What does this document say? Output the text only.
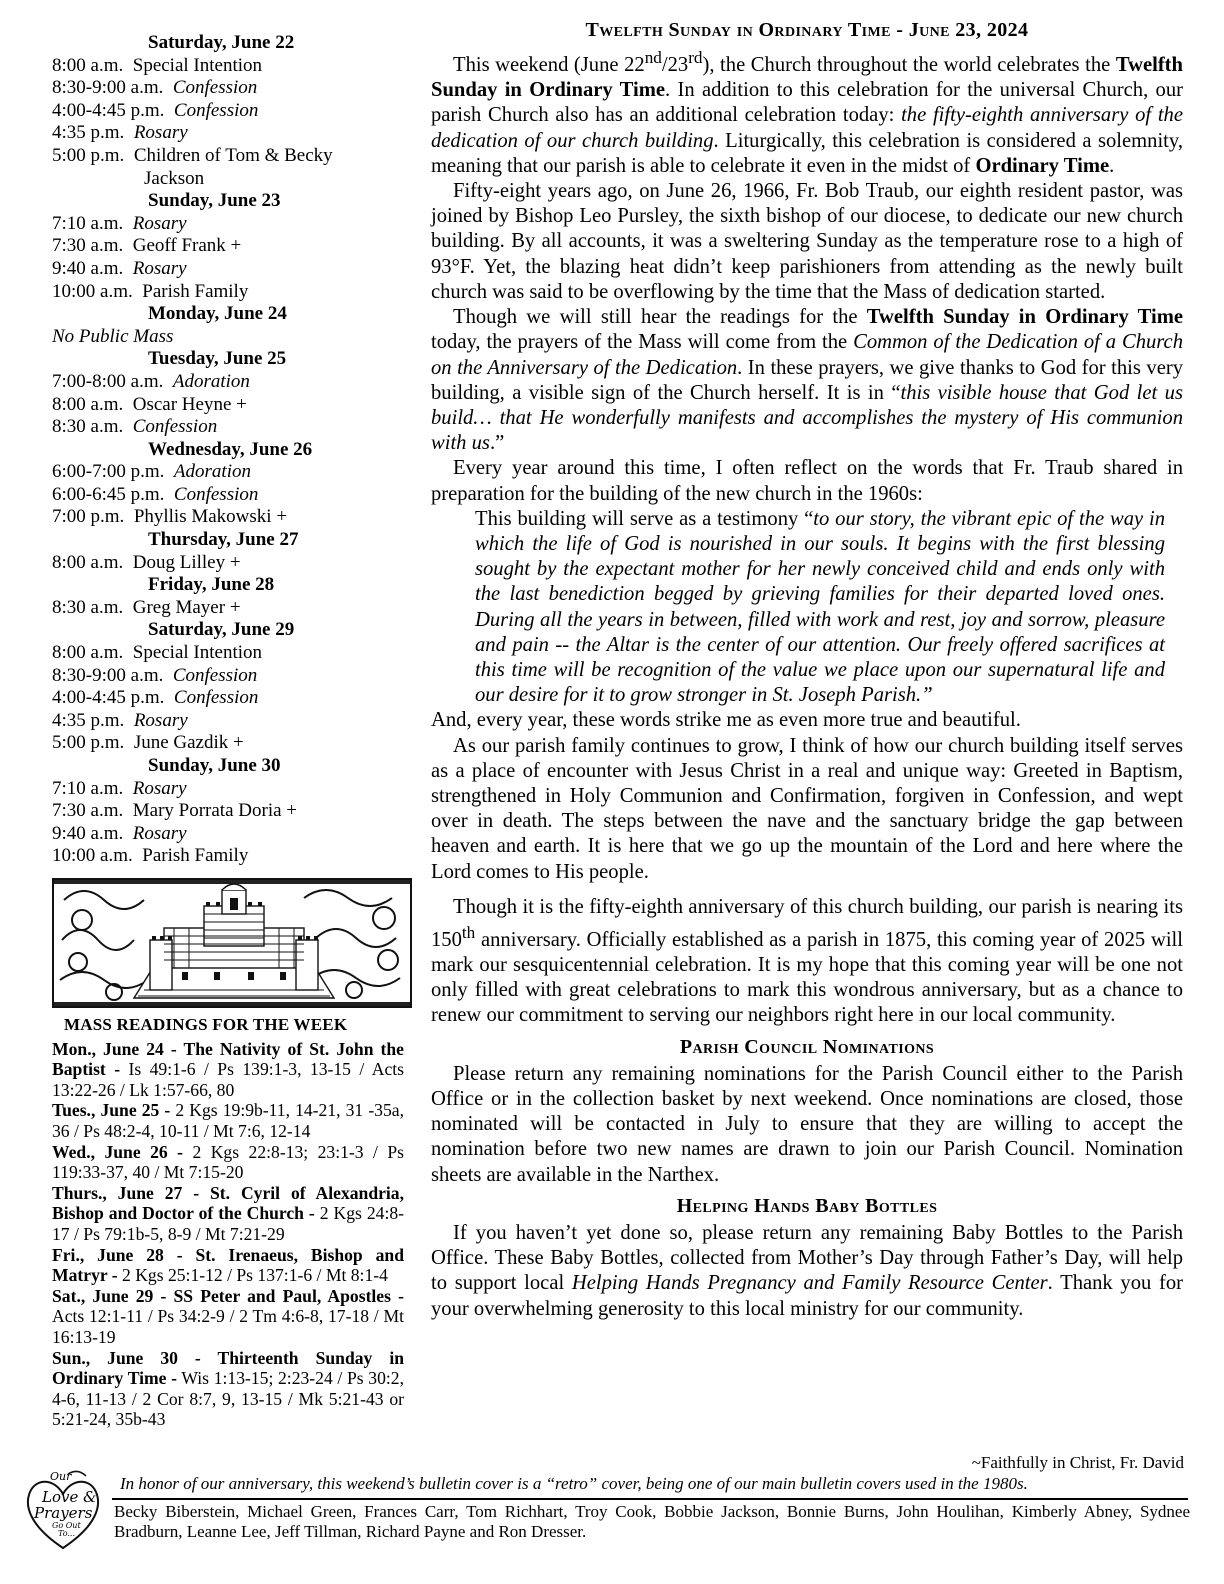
Saturday, June 22
8:00 a.m. Special Intention
8:30-9:00 a.m. Confession
4:00-4:45 p.m. Confession
4:35 p.m. Rosary
5:00 p.m. Children of Tom & Becky
Jackson
Sunday, June 23
7:10 a.m. Rosary
7:30 a.m. Geoff Frank +
9:40 a.m. Rosary
10:00 a.m. Parish Family
Monday, June 24
No Public Mass
Tuesday, June 25
7:00-8:00 a.m. Adoration
8:00 a.m. Oscar Heyne +
8:30 a.m. Confession
Wednesday, June 26
6:00-7:00 p.m. Adoration
6:00-6:45 p.m. Confession
7:00 p.m. Phyllis Makowski +
Thursday, June 27
8:00 a.m. Doug Lilley +
Friday, June 28
8:30 a.m. Greg Mayer +
Saturday, June 29
8:00 a.m. Special Intention
8:30-9:00 a.m. Confession
4:00-4:45 p.m. Confession
4:35 p.m. Rosary
5:00 p.m. June Gazdik +
Sunday, June 30
7:10 a.m. Rosary
7:30 a.m. Mary Porrata Doria +
9:40 a.m. Rosary
10:00 a.m. Parish Family
MASS READINGS FOR THE WEEK

Mon., June 24 - The Nativity of St. John the Baptist - Is 49:1-6 / Ps 139:1-3, 13-15 / Acts 13:22-26 / Lk 1:57-66, 80

Tues., June 25 - 2 Kgs 19:9b-11, 14-21, 31 -35a, 36 / Ps 48:2-4, 10-11 / Mt 7:6, 12-14

Wed., June 26 - 2 Kgs 22:8-13; 23:1-3 / Ps 119:33-37, 40 / Mt 7:15-20

Thurs., June 27 - St. Cyril of Alexandria, Bishop and Doctor of the Church - 2 Kgs 24:8-17 / Ps 79:1b-5, 8-9 / Mt 7:21-29

Fri., June 28 - St. Irenaeus, Bishop and Matryr - 2 Kgs 25:1-12 / Ps 137:1-6 / Mt 8:1-4

Sat., June 29 - SS Peter and Paul, Apostles - Acts 12:1-11 / Ps 34:2-9 / 2 Tm 4:6-8, 17-18 / Mt 16:13-19

Sun., June 30 - Thirteenth Sunday in Ordinary Time - Wis 1:13-15; 2:23-24 / Ps 30:2, 4-6, 11-13 / 2 Cor 8:7, 9, 13-15 / Mk 5:21-43 or 5:21-24, 35b-43

Twelfth Sunday in Ordinary Time - June 23, 2024

This weekend (June 22nd/23rd), the Church throughout the world celebrates the Twelfth Sunday in Ordinary Time. In addition to this celebration for the universal Church, our parish Church also has an additional celebration today: the fifty-eighth anniversary of the dedication of our church building. Liturgically, this celebration is considered a solemnity, meaning that our parish is able to celebrate it even in the midst of Ordinary Time.

Fifty-eight years ago, on June 26, 1966, Fr. Bob Traub, our eighth resident pastor, was joined by Bishop Leo Pursley, the sixth bishop of our diocese, to dedicate our new church building. By all accounts, it was a sweltering Sunday as the temperature rose to a high of 93°F. Yet, the blazing heat didn’t keep parishioners from attending as the newly built church was said to be overflowing by the time that the Mass of dedication started.

Though we will still hear the readings for the Twelfth Sunday in Ordinary Time today, the prayers of the Mass will come from the Common of the Dedication of a Church on the Anniversary of the Dedication. In these prayers, we give thanks to God for this very building, a visible sign of the Church herself. It is in “this visible house that God let us build… that He wonderfully manifests and accomplishes the mystery of His communion with us.”

Every year around this time, I often reflect on the words that Fr. Traub shared in preparation for the building of the new church in the 1960s:

This building will serve as a testimony “to our story, the vibrant epic of the way in which the life of God is nourished in our souls. It begins with the first blessing sought by the expectant mother for her newly conceived child and ends only with the last benediction begged by grieving families for their departed loved ones. During all the years in between, filled with work and rest, joy and sorrow, pleasure and pain -- the Altar is the center of our attention. Our freely offered sacrifices at this time will be recognition of the value we place upon our supernatural life and our desire for it to grow stronger in St. Joseph Parish.”

And, every year, these words strike me as even more true and beautiful.

As our parish family continues to grow, I think of how our church building itself serves as a place of encounter with Jesus Christ in a real and unique way: Greeted in Baptism, strengthened in Holy Communion and Confirmation, forgiven in Confession, and wept over in death. The steps between the nave and the sanctuary bridge the gap between heaven and earth. It is here that we go up the mountain of the Lord and here where the Lord comes to His people.

Though it is the fifty-eighth anniversary of this church building, our parish is nearing its 150th anniversary. Officially established as a parish in 1875, this coming year of 2025 will mark our sesquicentennial celebration. It is my hope that this coming year will be one not only filled with great celebrations to mark this wondrous anniversary, but as a chance to renew our commitment to serving our neighbors right here in our local community.

Parish Council Nominations

Please return any remaining nominations for the Parish Council either to the Parish Office or in the collection basket by next weekend. Once nominations are closed, those nominated will be contacted in July to ensure that they are willing to accept the nomination before two new names are drawn to join our Parish Council. Nomination sheets are available in the Narthex.

Helping Hands Baby Bottles

If you haven’t yet done so, please return any remaining Baby Bottles to the Parish Office. These Baby Bottles, collected from Mother’s Day through Father’s Day, will help to support local Helping Hands Pregnancy and Family Resource Center. Thank you for your overwhelming generosity to this local ministry for our community.

~Faithfully in Christ, Fr. David
Our
Love &
Prayers
Go Out
To...
In honor of our anniversary, this weekend’s bulletin cover is a “retro” cover, being one of our main bulletin covers used in the 1980s.
Becky Biberstein, Michael Green, Frances Carr, Tom Richhart, Troy Cook, Bobbie Jackson, Bonnie Burns, John Houlihan, Kimberly Abney, Sydnee Bradburn, Leanne Lee, Jeff Tillman, Richard Payne and Ron Dresser.
